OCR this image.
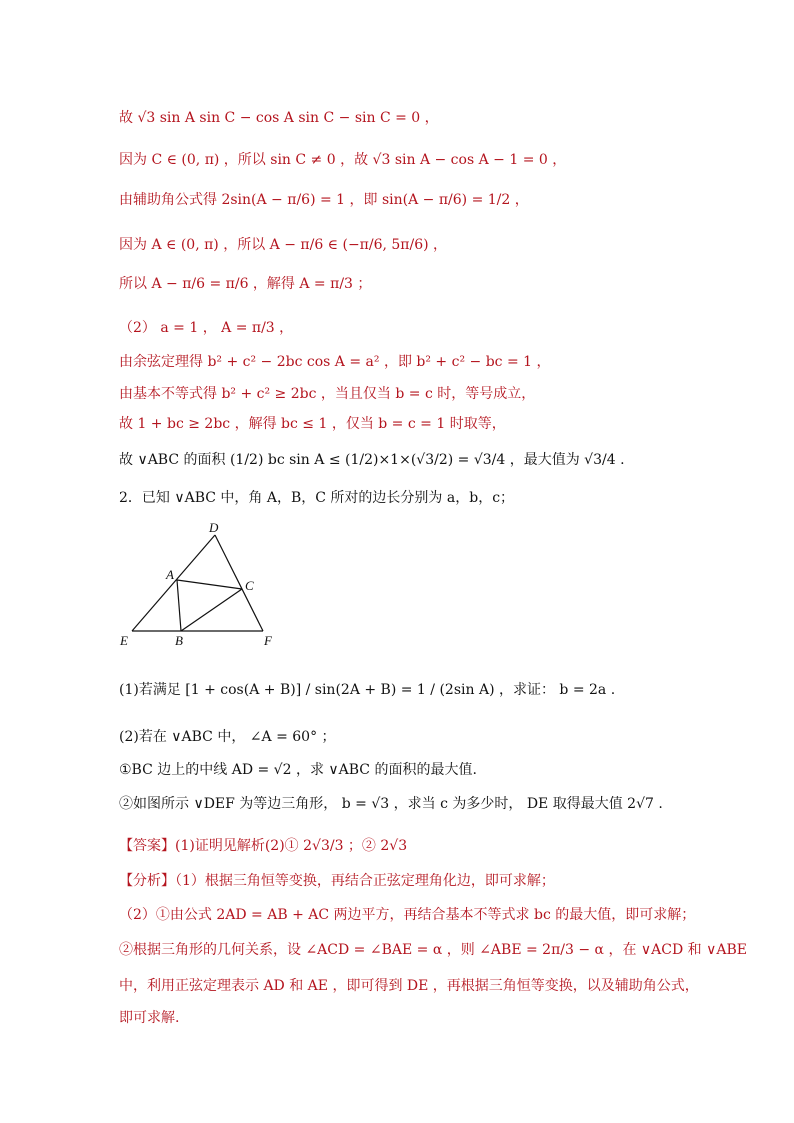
故 √3 sin A sin C − cos A sin C − sin C = 0 ，
因为 C ∈ (0, π) ，所以 sin C ≠ 0 ，故 √3 sin A − cos A − 1 = 0 ，
由辅助角公式得 2sin(A − π/6) = 1 ，即 sin(A − π/6) = 1/2 ，
因为 A ∈ (0, π) ，所以 A − π/6 ∈ (−π/6, 5π/6) ，
所以 A − π/6 = π/6 ，解得 A = π/3 ；
（2） a = 1 ， A = π/3 ，
由余弦定理得 b² + c² − 2bc cos A = a² ，即 b² + c² − bc = 1 ，
由基本不等式得 b² + c² ≥ 2bc ，当且仅当 b = c 时，等号成立，
故 1 + bc ≥ 2bc ，解得 bc ≤ 1 ，仅当 b = c = 1 时取等，
故 ∨ABC 的面积 (1/2) bc sin A ≤ (1/2)×1×(√3/2) = √3/4 ，最大值为 √3/4 .
2．已知 ∨ABC 中，角 A，B，C 所对的边长分别为 a，b，c；
D
A
C
E	B	F
(1)若满足 [1 + cos(A + B)] / sin(2A + B) = 1 / (2sin A) ，求证： b = 2a .
(2)若在 ∨ABC 中， ∠A = 60° ；
①BC 边上的中线 AD = √2 ，求 ∨ABC 的面积的最大值.
②如图所示 ∨DEF 为等边三角形， b = √3 ，求当 c 为多少时， DE 取得最大值 2√7 .
【答案】(1)证明见解析(2)① 2√3/3 ；② 2√3
【分析】（1）根据三角恒等变换，再结合正弦定理角化边，即可求解；
（2）①由公式 2AD = AB + AC 两边平方，再结合基本不等式求 bc 的最大值，即可求解；
②根据三角形的几何关系，设 ∠ACD = ∠BAE = α ，则 ∠ABE = 2π/3 − α ，在 ∨ACD 和 ∨ABE
中，利用正弦定理表示 AD 和 AE ，即可得到 DE ，再根据三角恒等变换，以及辅助角公式，
即可求解.
